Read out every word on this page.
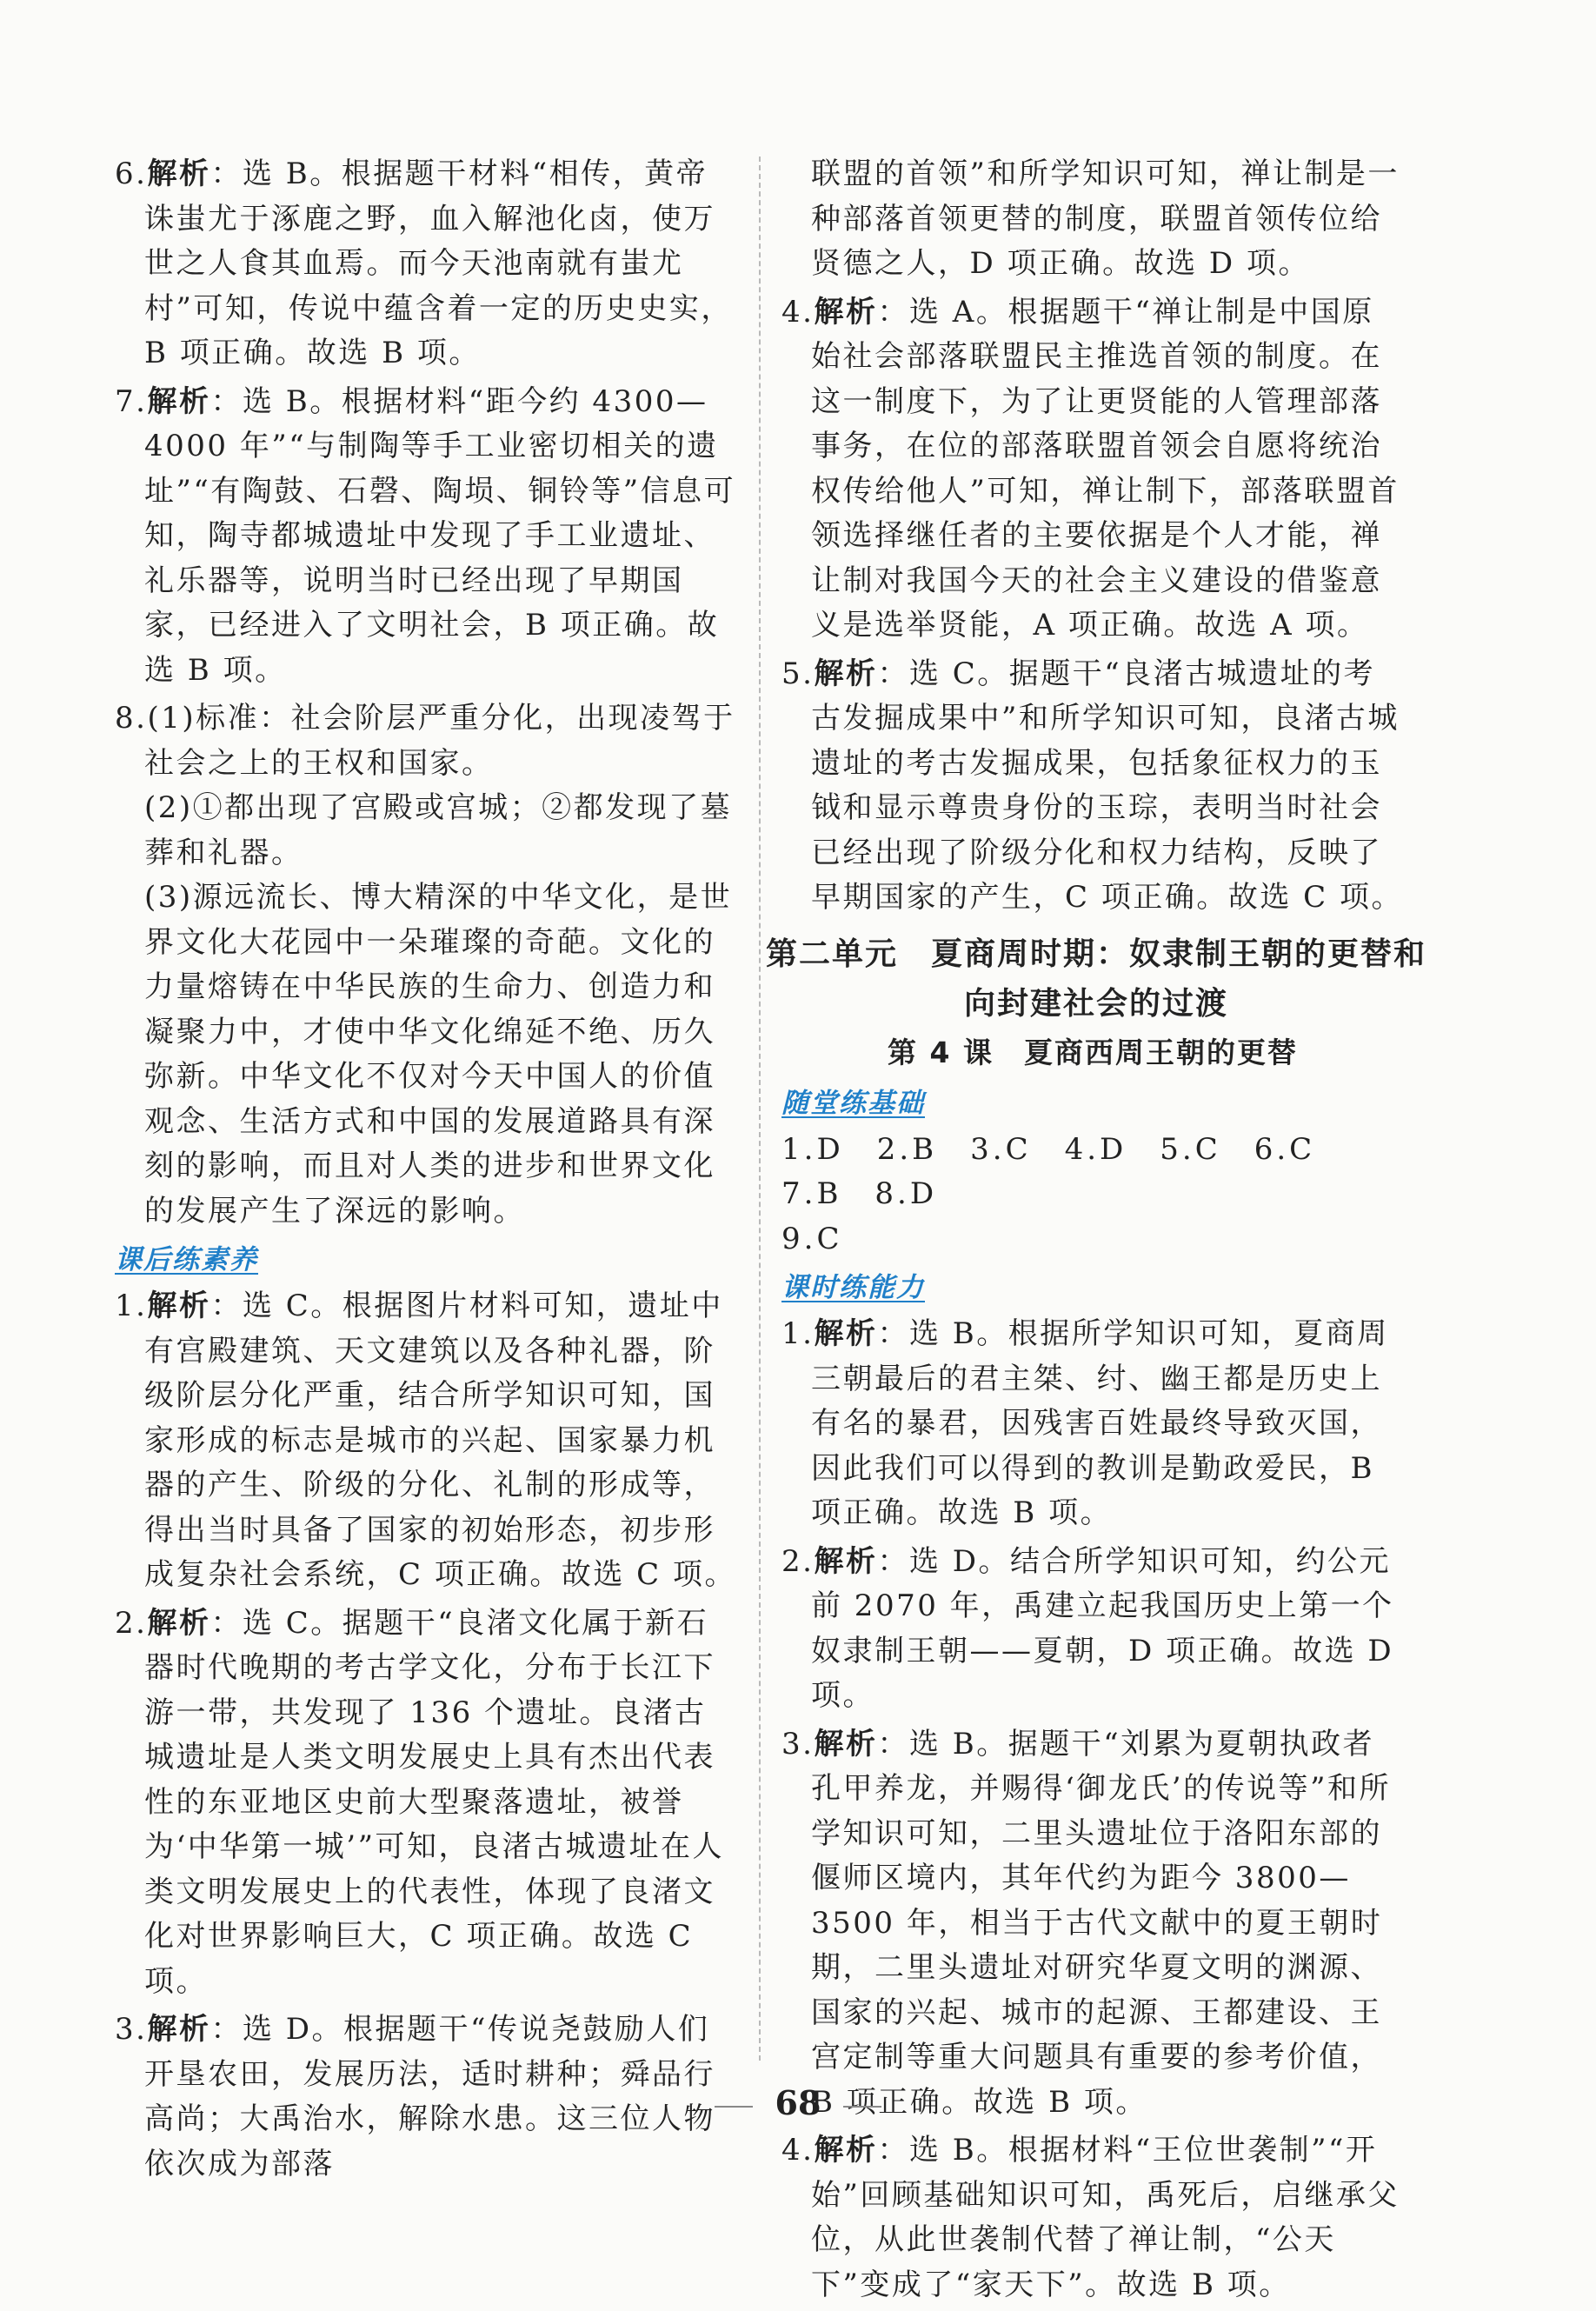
6.解析：选 B。根据题干材料“相传，黄帝诛蚩尤于涿鹿之野，血入解池化卤，使万世之人食其血焉。而今天池南就有蚩尤村”可知，传说中蕴含着一定的历史史实，B 项正确。故选 B 项。
7.解析：选 B。根据材料“距今约 4300—4000 年”“与制陶等手工业密切相关的遗址”“有陶鼓、石磬、陶埙、铜铃等”信息可知，陶寺都城遗址中发现了手工业遗址、礼乐器等，说明当时已经出现了早期国家，已经进入了文明社会，B 项正确。故选 B 项。
8.(1)标准：社会阶层严重分化，出现凌驾于社会之上的王权和国家。
(2)①都出现了宫殿或宫城；②都发现了墓葬和礼器。
(3)源远流长、博大精深的中华文化，是世界文化大花园中一朵璀璨的奇葩。文化的力量熔铸在中华民族的生命力、创造力和凝聚力中，才使中华文化绵延不绝、历久弥新。中华文化不仅对今天中国人的价值观念、生活方式和中国的发展道路具有深刻的影响，而且对人类的进步和世界文化的发展产生了深远的影响。
课后练素养
1.解析：选 C。根据图片材料可知，遗址中有宫殿建筑、天文建筑以及各种礼器，阶级阶层分化严重，结合所学知识可知，国家形成的标志是城市的兴起、国家暴力机器的产生、阶级的分化、礼制的形成等，得出当时具备了国家的初始形态，初步形成复杂社会系统，C 项正确。故选 C 项。
2.解析：选 C。据题干“良渚文化属于新石器时代晚期的考古学文化，分布于长江下游一带，共发现了 136 个遗址。良渚古城遗址是人类文明发展史上具有杰出代表性的东亚地区史前大型聚落遗址，被誉为‘中华第一城’”可知，良渚古城遗址在人类文明发展史上的代表性，体现了良渚文化对世界影响巨大，C 项正确。故选 C 项。
3.解析：选 D。根据题干“传说尧鼓励人们开垦农田，发展历法，适时耕种；舜品行高尚；大禹治水，解除水患。这三位人物依次成为部落
联盟的首领”和所学知识可知，禅让制是一种部落首领更替的制度，联盟首领传位给贤德之人，D 项正确。故选 D 项。
4.解析：选 A。根据题干“禅让制是中国原始社会部落联盟民主推选首领的制度。在这一制度下，为了让更贤能的人管理部落事务，在位的部落联盟首领会自愿将统治权传给他人”可知，禅让制下，部落联盟首领选择继任者的主要依据是个人才能，禅让制对我国今天的社会主义建设的借鉴意义是选举贤能，A 项正确。故选 A 项。
5.解析：选 C。据题干“良渚古城遗址的考古发掘成果中”和所学知识可知，良渚古城遗址的考古发掘成果，包括象征权力的玉钺和显示尊贵身份的玉琮，表明当时社会已经出现了阶级分化和权力结构，反映了早期国家的产生，C 项正确。故选 C 项。
第二单元　夏商周时期：奴隶制王朝的更替和
向封建社会的过渡
第 4 课　夏商西周王朝的更替
随堂练基础
1.D　2.B　3.C　4.D　5.C　6.C　7.B　8.D
9.C
课时练能力
1.解析：选 B。根据所学知识可知，夏商周三朝最后的君主桀、纣、幽王都是历史上有名的暴君，因残害百姓最终导致灭国，因此我们可以得到的教训是勤政爱民，B 项正确。故选 B 项。
2.解析：选 D。结合所学知识可知，约公元前 2070 年，禹建立起我国历史上第一个奴隶制王朝——夏朝，D 项正确。故选 D 项。
3.解析：选 B。据题干“刘累为夏朝执政者孔甲养龙，并赐得‘御龙氏’的传说等”和所学知识可知，二里头遗址位于洛阳东部的偃师区境内，其年代约为距今 3800—3500 年，相当于古代文献中的夏王朝时期，二里头遗址对研究华夏文明的渊源、国家的兴起、城市的起源、王都建设、王宫定制等重大问题具有重要的参考价值，B 项正确。故选 B 项。
4.解析：选 B。根据材料“王位世袭制”“开始”回顾基础知识可知，禹死后，启继承父位，从此世袭制代替了禅让制，“公天下”变成了“家天下”。故选 B 项。
68
